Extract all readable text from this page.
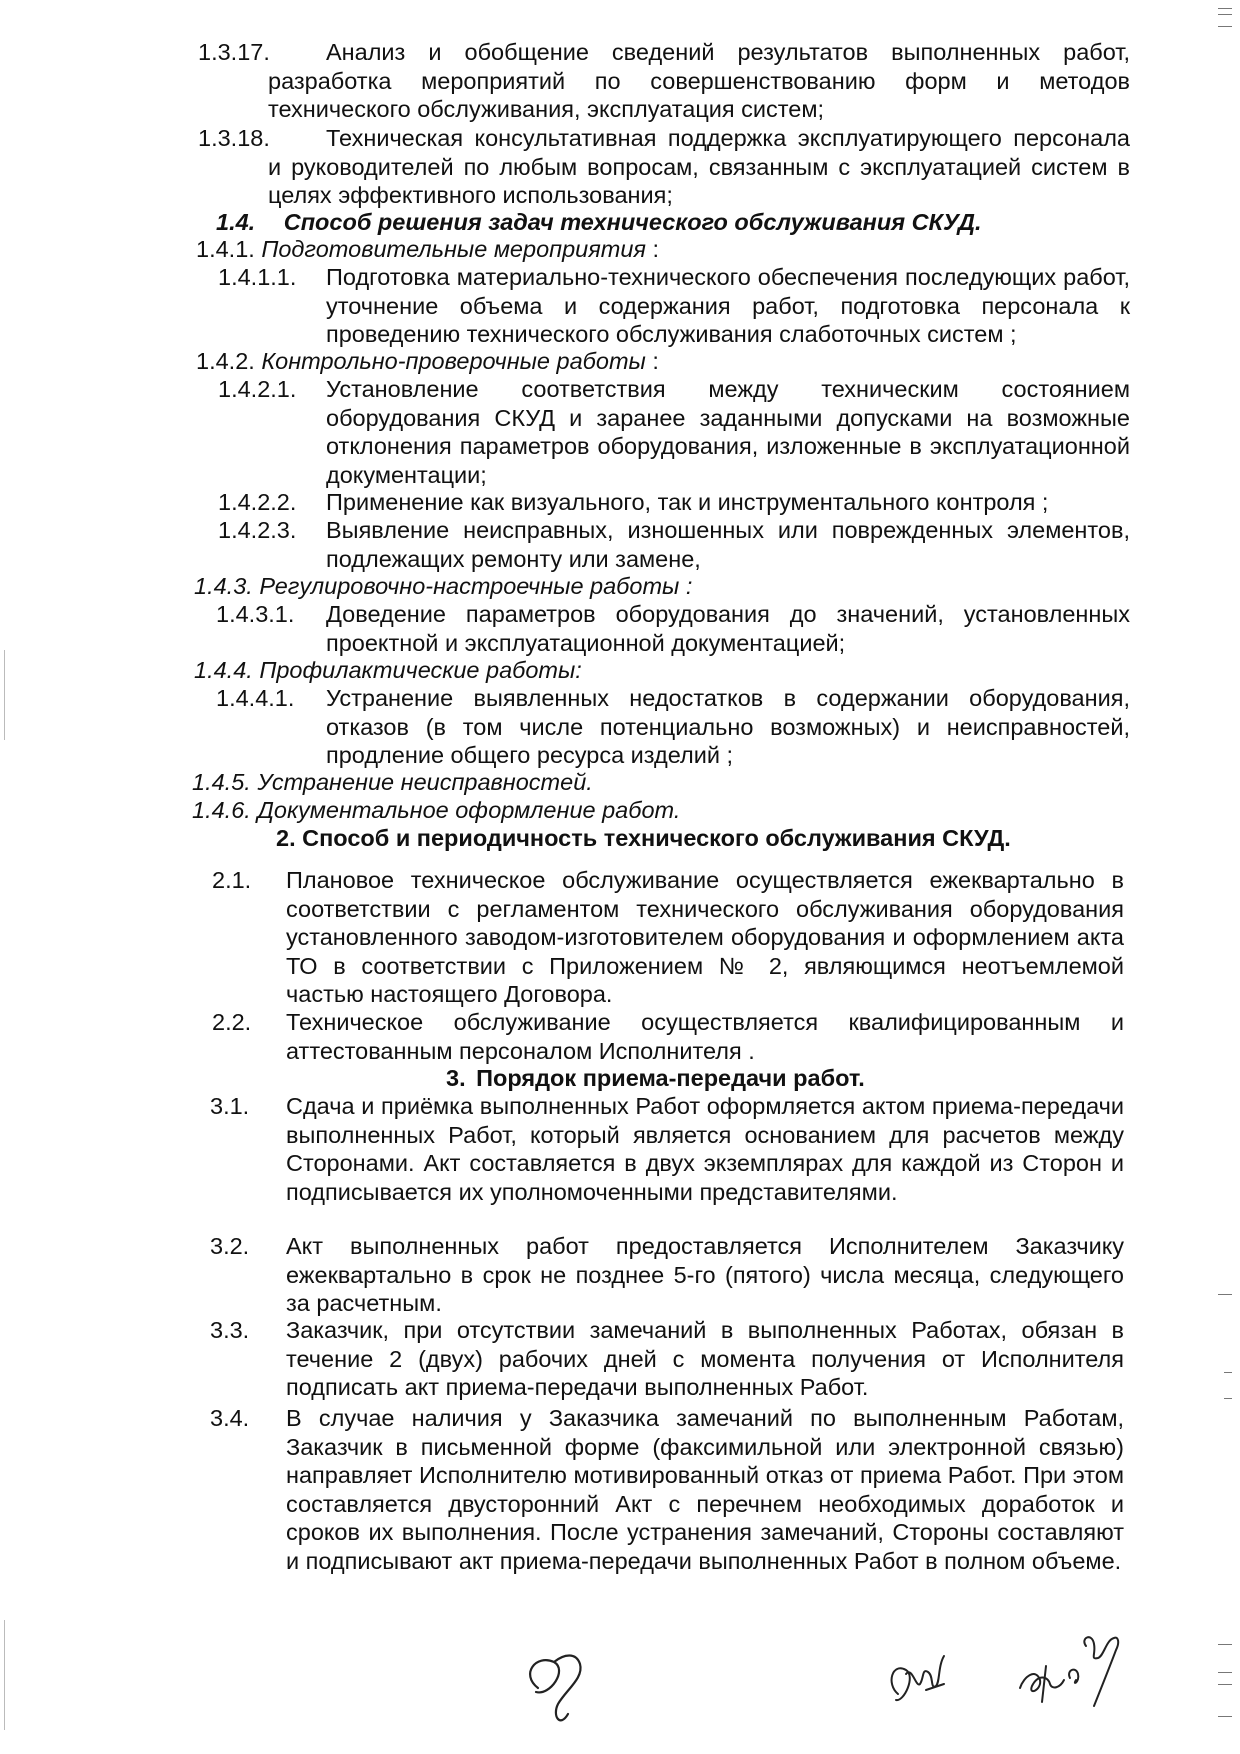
1.3.17.	Анализ и обобщение сведений результатов выполненных работ, разработка мероприятий по совершенствованию форм и методов технического обслуживания, эксплуатация систем;
1.3.18.	Техническая консультативная поддержка эксплуатирующего персонала и руководителей по любым вопросам, связанным с эксплуатацией систем в целях эффективного использования;
1.4. Способ решения задач технического обслуживания СКУД.
1.4.1. Подготовительные мероприятия :
1.4.1.1. Подготовка материально-технического обеспечения последующих работ, уточнение объема и содержания работ, подготовка персонала к проведению технического обслуживания слаботочных систем ;
1.4.2. Контрольно-проверочные работы :
1.4.2.1. Установление соответствия между техническим состоянием оборудования СКУД и заранее заданными допусками на возможные отклонения параметров оборудования, изложенные в эксплуатационной документации;
1.4.2.2. Применение как визуального, так и инструментального контроля ;
1.4.2.3. Выявление неисправных, изношенных или поврежденных элементов, подлежащих ремонту или замене,
1.4.3. Регулировочно-настроечные работы :
1.4.3.1. Доведение параметров оборудования до значений, установленных проектной и эксплуатационной документацией;
1.4.4. Профилактические работы:
1.4.4.1. Устранение выявленных недостатков в содержании оборудования, отказов (в том числе потенциально возможных) и неисправностей, продление общего ресурса изделий ;
1.4.5. Устранение неисправностей.
1.4.6. Документальное оформление работ.
2. Способ и периодичность технического обслуживания СКУД.
2.1. Плановое техническое обслуживание осуществляется ежеквартально в соответствии с регламентом технического обслуживания оборудования установленного заводом-изготовителем оборудования и оформлением акта ТО в соответствии с Приложением № 2, являющимся неотъемлемой частью настоящего Договора.
2.2. Техническое обслуживание осуществляется квалифицированным и аттестованным персоналом Исполнителя .
3. Порядок приема-передачи работ.
3.1. Сдача и приёмка выполненных Работ оформляется актом приема-передачи выполненных Работ, который является основанием для расчетов между Сторонами. Акт составляется в двух экземплярах для каждой из Сторон и подписывается их уполномоченными представителями.
3.2. Акт выполненных работ предоставляется Исполнителем Заказчику ежеквартально в срок не позднее 5-го (пятого) числа месяца, следующего за расчетным.
3.3. Заказчик, при отсутствии замечаний в выполненных Работах, обязан в течение 2 (двух) рабочих дней с момента получения от Исполнителя подписать акт приема-передачи выполненных Работ.
3.4. В случае наличия у Заказчика замечаний по выполненным Работам, Заказчик в письменной форме (факсимильной или электронной связью) направляет Исполнителю мотивированный отказ от приема Работ. При этом составляется двусторонний Акт с перечнем необходимых доработок и сроков их выполнения. После устранения замечаний, Стороны составляют и подписывают акт приема-передачи выполненных Работ в полном объеме.
